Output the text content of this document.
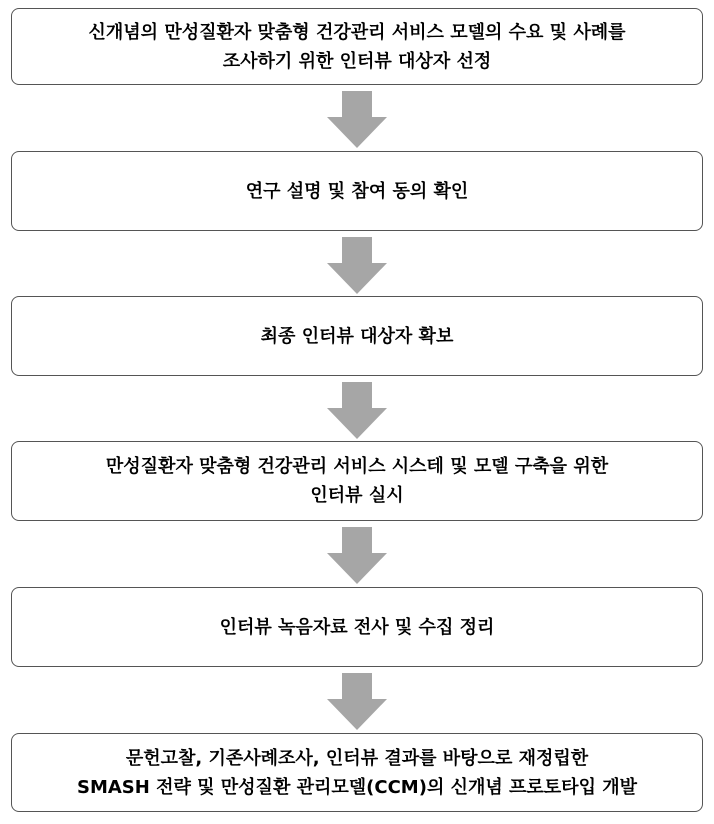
신개념의 만성질환자 맞춤형 건강관리 서비스 모델의 수요 및 사례를
조사하기 위한 인터뷰 대상자 선정
연구 설명 및 참여 동의 확인
최종 인터뷰 대상자 확보
만성질환자 맞춤형 건강관리 서비스 시스테 및 모델 구축을 위한
인터뷰 실시
인터뷰 녹음자료 전사 및 수집 정리
문헌고찰, 기존사례조사, 인터뷰 결과를 바탕으로 재정립한
SMASH 전략 및 만성질환 관리모델(CCM)의 신개념 프로토타입 개발
